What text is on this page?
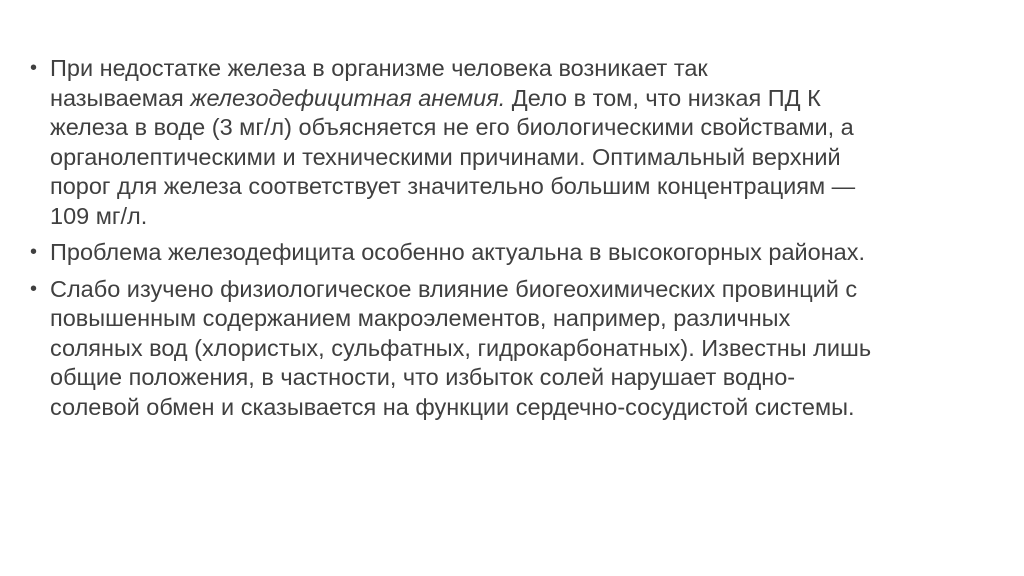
• При недостатке железа в организме человека возникает так
называемая железодефицитная анемия. Дело в том, что низкая ПД К
железа в воде (3 мг/л) объясняется не его биологическими свойствами, а
органолептическими и техническими причинами. Оптимальный верхний
порог для железа соответствует значительно большим концентрациям —
109 мг/л.
• Проблема железодефицита особенно актуальна в высокогорных районах.
• Слабо изучено физиологическое влияние биогеохимических провинций с
повышенным содержанием макроэлементов, например, различных
соляных вод (хлористых, сульфатных, гидрокарбонатных). Известны лишь
общие положения, в частности, что избыток солей нарушает водно-
солевой обмен и сказывается на функции сердечно-сосудистой системы.
